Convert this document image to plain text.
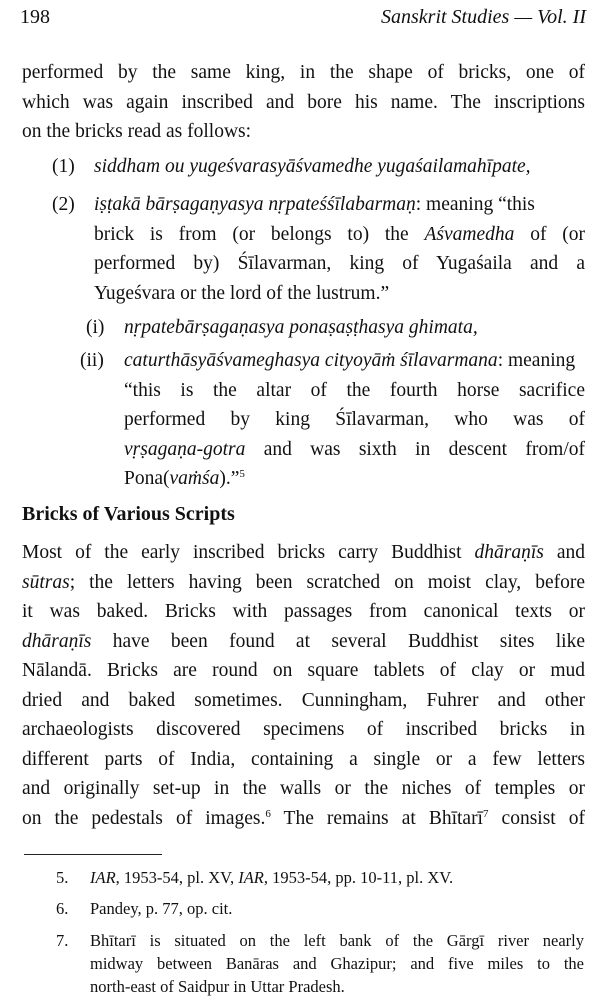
198	Sanskrit Studies — Vol. II
performed by the same king, in the shape of bricks, one of
which was again inscribed and bore his name. The inscriptions
on the bricks read as follows:
(1) siddham ou yugeśvarasyāśvamedhe yugaśailamahīpate,
(2) iṣṭakā bārṣagaṇyasya nṛpateśśīlabarmaṇ: meaning “this
brick is from (or belongs to) the Aśvamedha of (or
performed by) Śīlavarman, king of Yugaśaila and a
Yugeśvara or the lord of the lustrum.”
(i) nṛpatebārṣagaṇasya ponaṣaṣṭhasya ghimata,
(ii) caturthāsyāśvameghasya cityoyāṁ śīlavarmana: meaning
“this is the altar of the fourth horse sacrifice
performed by king Śīlavarman, who was of
vṛṣagaṇa-gotra and was sixth in descent from/of
Pona(vaṁśa).”$^5$
Bricks of Various Scripts
Most of the early inscribed bricks carry Buddhist dhāraṇīs and
sūtras; the letters having been scratched on moist clay, before
it was baked. Bricks with passages from canonical texts or
dhāraṇīs have been found at several Buddhist sites like
Nālandā. Bricks are round on square tablets of clay or mud
dried and baked sometimes. Cunningham, Fuhrer and other
archaeologists discovered specimens of inscribed bricks in
different parts of India, containing a single or a few letters
and originally set-up in the walls or the niches of temples or
on the pedestals of images.$^6$ The remains at Bhītarī$^7$ consist of
5. IAR, 1953-54, pl. XV, IAR, 1953-54, pp. 10-11, pl. XV.
6. Pandey, p. 77, op. cit.
7. Bhītarī is situated on the left bank of the Gārgī river nearly
midway between Banāras and Ghazipur; and five miles to the
north-east of Saidpur in Uttar Pradesh.
